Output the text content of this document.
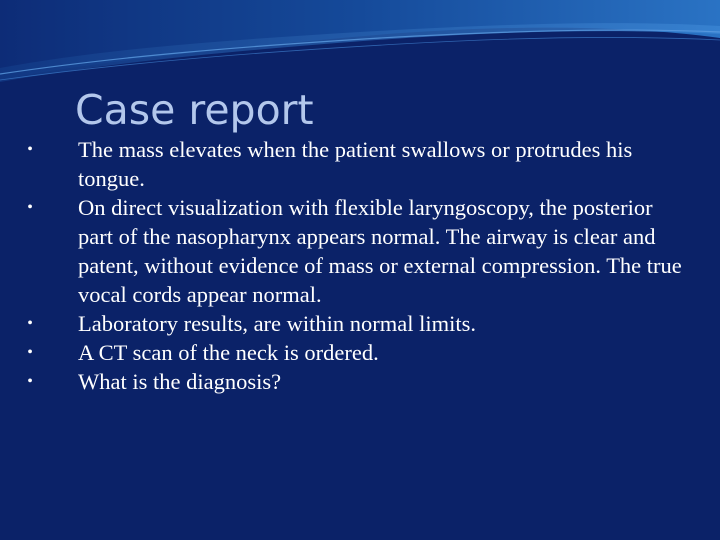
Case report
• The mass elevates when the patient swallows or protrudes his tongue.
• On direct visualization with flexible laryngoscopy, the posterior part of the nasopharynx appears normal. The airway is clear and patent, without evidence of mass or external compression. The true vocal cords appear normal.
• Laboratory results, are within normal limits.
• A CT scan of the neck is ordered.
• What is the diagnosis?
